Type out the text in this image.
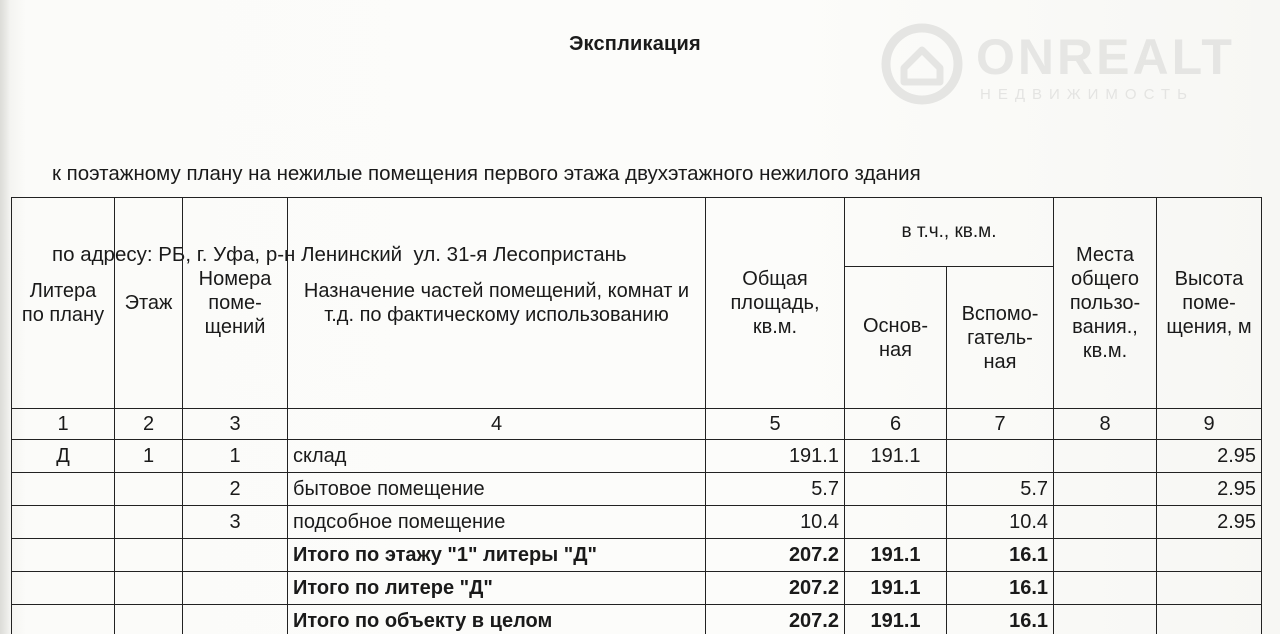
ONREALT
НЕДВИЖИМОСТЬ
Экспликация

к поэтажному плану на нежилые помещения первого этажа двухэтажного нежилого здания

по адресу: РБ, г. Уфа, р-н Ленинский  ул. 31-я Лесопристань

Литера по плану	Этаж	Номера поме-щений	Назначение частей помещений, комнат и т.д. по фактическому использованию	Общая площадь, кв.м.	в т.ч., кв.м.		Места общего пользо-вания., кв.м.	Высота поме-щения, м
					Основ-ная	Вспомо-гатель-ная		
1	2	3	4	5	6	7	8	9
Д	1	1	склад	191.1	191.1			2.95
		2	бытовое помещение	5.7		5.7		2.95
		3	подсобное помещение	10.4		10.4		2.95
			Итого по этажу "1" литеры "Д"	207.2	191.1	16.1		
			Итого по литере "Д"	207.2	191.1	16.1		
			Итого по объекту в целом	207.2	191.1	16.1		
